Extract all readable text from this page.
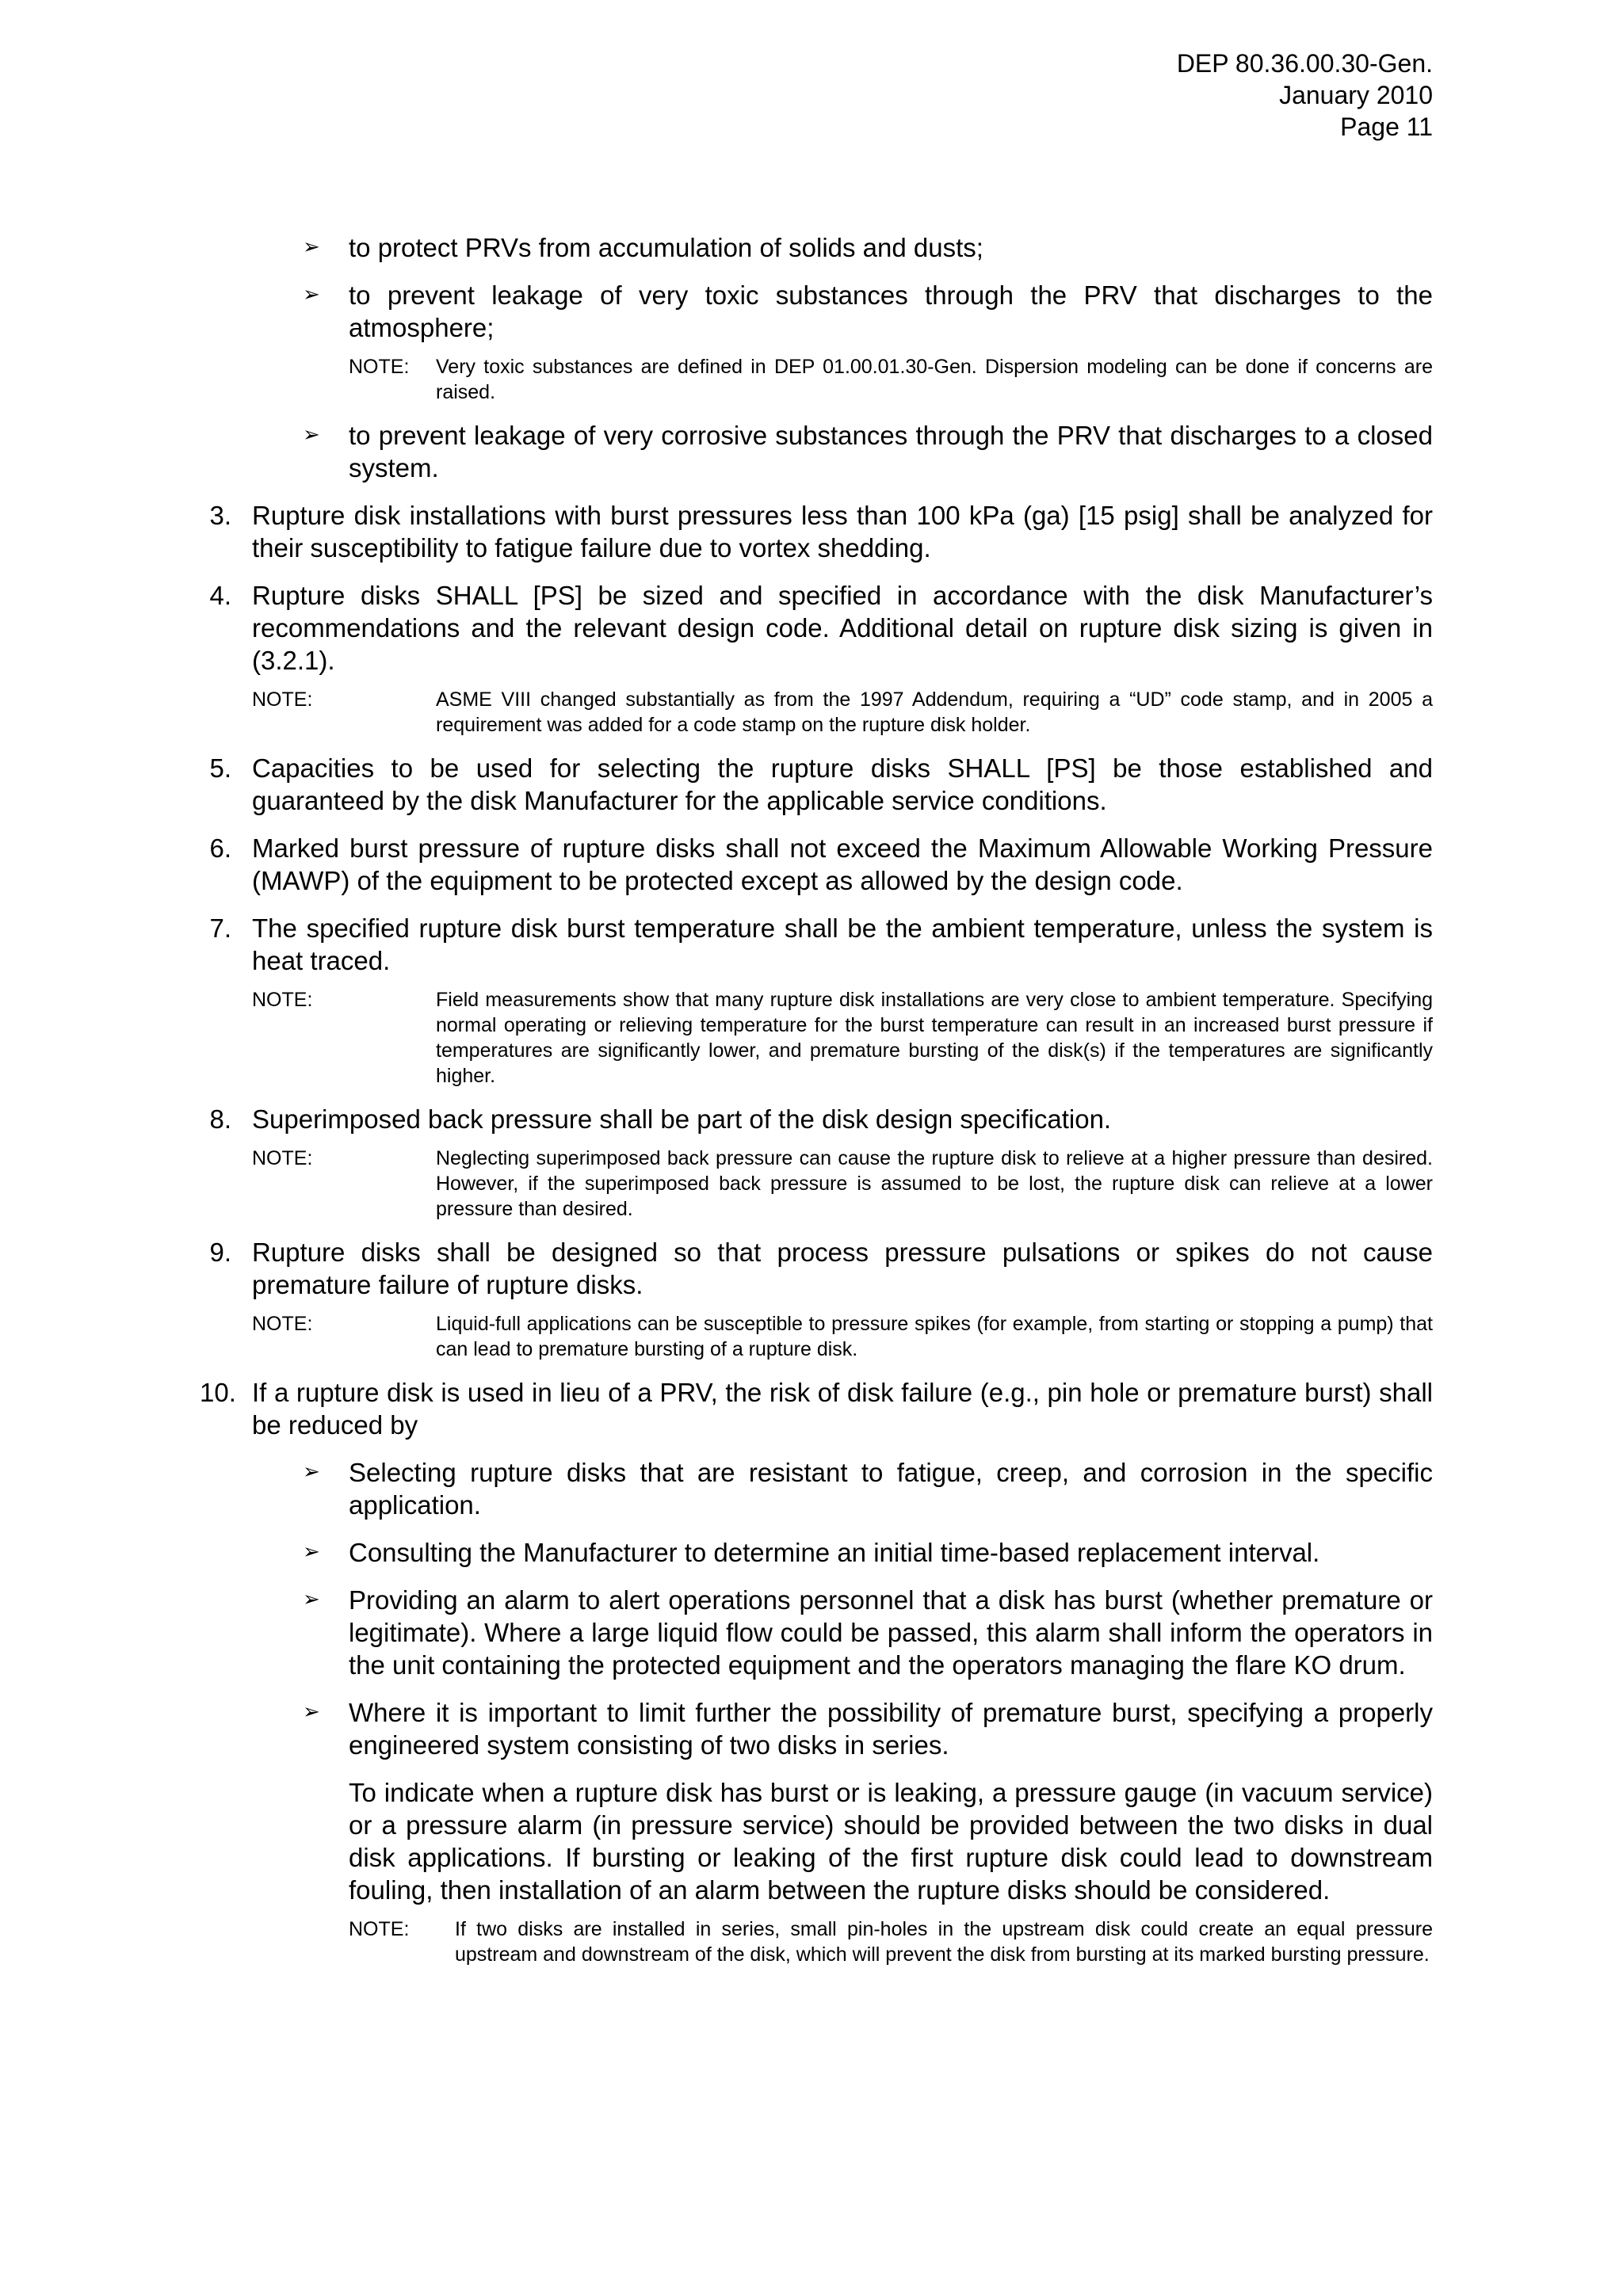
DEP 80.36.00.30-Gen.
January 2010
Page 11
➢ to protect PRVs from accumulation of solids and dusts;
➢ to prevent leakage of very toxic substances through the PRV that discharges to the atmosphere;
NOTE: Very toxic substances are defined in DEP 01.00.01.30-Gen. Dispersion modeling can be done if concerns are raised.
➢ to prevent leakage of very corrosive substances through the PRV that discharges to a closed system.
3. Rupture disk installations with burst pressures less than 100 kPa (ga) [15 psig] shall be analyzed for their susceptibility to fatigue failure due to vortex shedding.
4. Rupture disks SHALL [PS] be sized and specified in accordance with the disk Manufacturer’s recommendations and the relevant design code. Additional detail on rupture disk sizing is given in (3.2.1).
NOTE:	ASME VIII changed substantially as from the 1997 Addendum, requiring a “UD” code stamp, and in 2005 a requirement was added for a code stamp on the rupture disk holder.
5. Capacities to be used for selecting the rupture disks SHALL [PS] be those established and guaranteed by the disk Manufacturer for the applicable service conditions.
6. Marked burst pressure of rupture disks shall not exceed the Maximum Allowable Working Pressure (MAWP) of the equipment to be protected except as allowed by the design code.
7. The specified rupture disk burst temperature shall be the ambient temperature, unless the system is heat traced.
NOTE:	Field measurements show that many rupture disk installations are very close to ambient temperature. Specifying normal operating or relieving temperature for the burst temperature can result in an increased burst pressure if temperatures are significantly lower, and premature bursting of the disk(s) if the temperatures are significantly higher.
8. Superimposed back pressure shall be part of the disk design specification.
NOTE:	Neglecting superimposed back pressure can cause the rupture disk to relieve at a higher pressure than desired. However, if the superimposed back pressure is assumed to be lost, the rupture disk can relieve at a lower pressure than desired.
9. Rupture disks shall be designed so that process pressure pulsations or spikes do not cause premature failure of rupture disks.
NOTE:	Liquid-full applications can be susceptible to pressure spikes (for example, from starting or stopping a pump) that can lead to premature bursting of a rupture disk.
10. If a rupture disk is used in lieu of a PRV, the risk of disk failure (e.g., pin hole or premature burst) shall be reduced by
➢ Selecting rupture disks that are resistant to fatigue, creep, and corrosion in the specific application.
➢ Consulting the Manufacturer to determine an initial time-based replacement interval.
➢ Providing an alarm to alert operations personnel that a disk has burst (whether premature or legitimate). Where a large liquid flow could be passed, this alarm shall inform the operators in the unit containing the protected equipment and the operators managing the flare KO drum.
➢ Where it is important to limit further the possibility of premature burst, specifying a properly engineered system consisting of two disks in series.
To indicate when a rupture disk has burst or is leaking, a pressure gauge (in vacuum service) or a pressure alarm (in pressure service) should be provided between the two disks in dual disk applications. If bursting or leaking of the first rupture disk could lead to downstream fouling, then installation of an alarm between the rupture disks should be considered.
NOTE: If two disks are installed in series, small pin-holes in the upstream disk could create an equal pressure upstream and downstream of the disk, which will prevent the disk from bursting at its marked bursting pressure.
